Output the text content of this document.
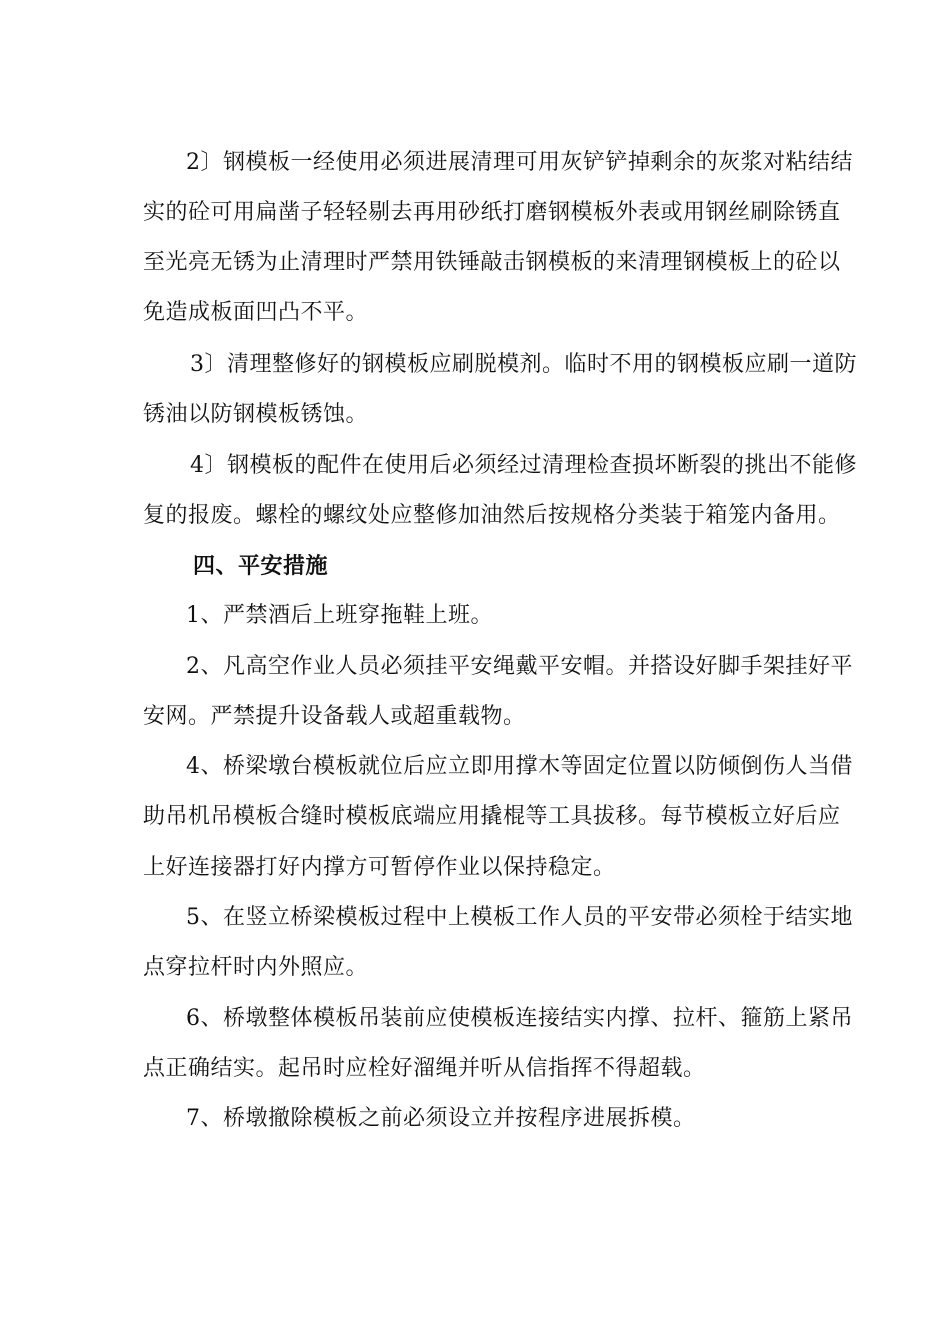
2〕钢模板一经使用必须进展清理可用灰铲铲掉剩余的灰浆对粘结结
实的砼可用扁凿子轻轻剔去再用砂纸打磨钢模板外表或用钢丝刷除锈直
至光亮无锈为止清理时严禁用铁锤敲击钢模板的来清理钢模板上的砼以
免造成板面凹凸不平。
3〕清理整修好的钢模板应刷脱模剂。临时不用的钢模板应刷一道防
锈油以防钢模板锈蚀。
4〕钢模板的配件在使用后必须经过清理检查损坏断裂的挑出不能修
复的报废。螺栓的螺纹处应整修加油然后按规格分类装于箱笼内备用。
四、平安措施
1、严禁酒后上班穿拖鞋上班。
2、凡高空作业人员必须挂平安绳戴平安帽。并搭设好脚手架挂好平
安网。严禁提升设备载人或超重载物。
4、桥梁墩台模板就位后应立即用撑木等固定位置以防倾倒伤人当借
助吊机吊模板合缝时模板底端应用撬棍等工具拔移。每节模板立好后应
上好连接器打好内撑方可暂停作业以保持稳定。
5、在竖立桥梁模板过程中上模板工作人员的平安带必须栓于结实地
点穿拉杆时内外照应。
6、桥墩整体模板吊装前应使模板连接结实内撑、拉杆、箍筋上紧吊
点正确结实。起吊时应栓好溜绳并听从信指挥不得超载。
7、桥墩撤除模板之前必须设立并按程序进展拆模。
